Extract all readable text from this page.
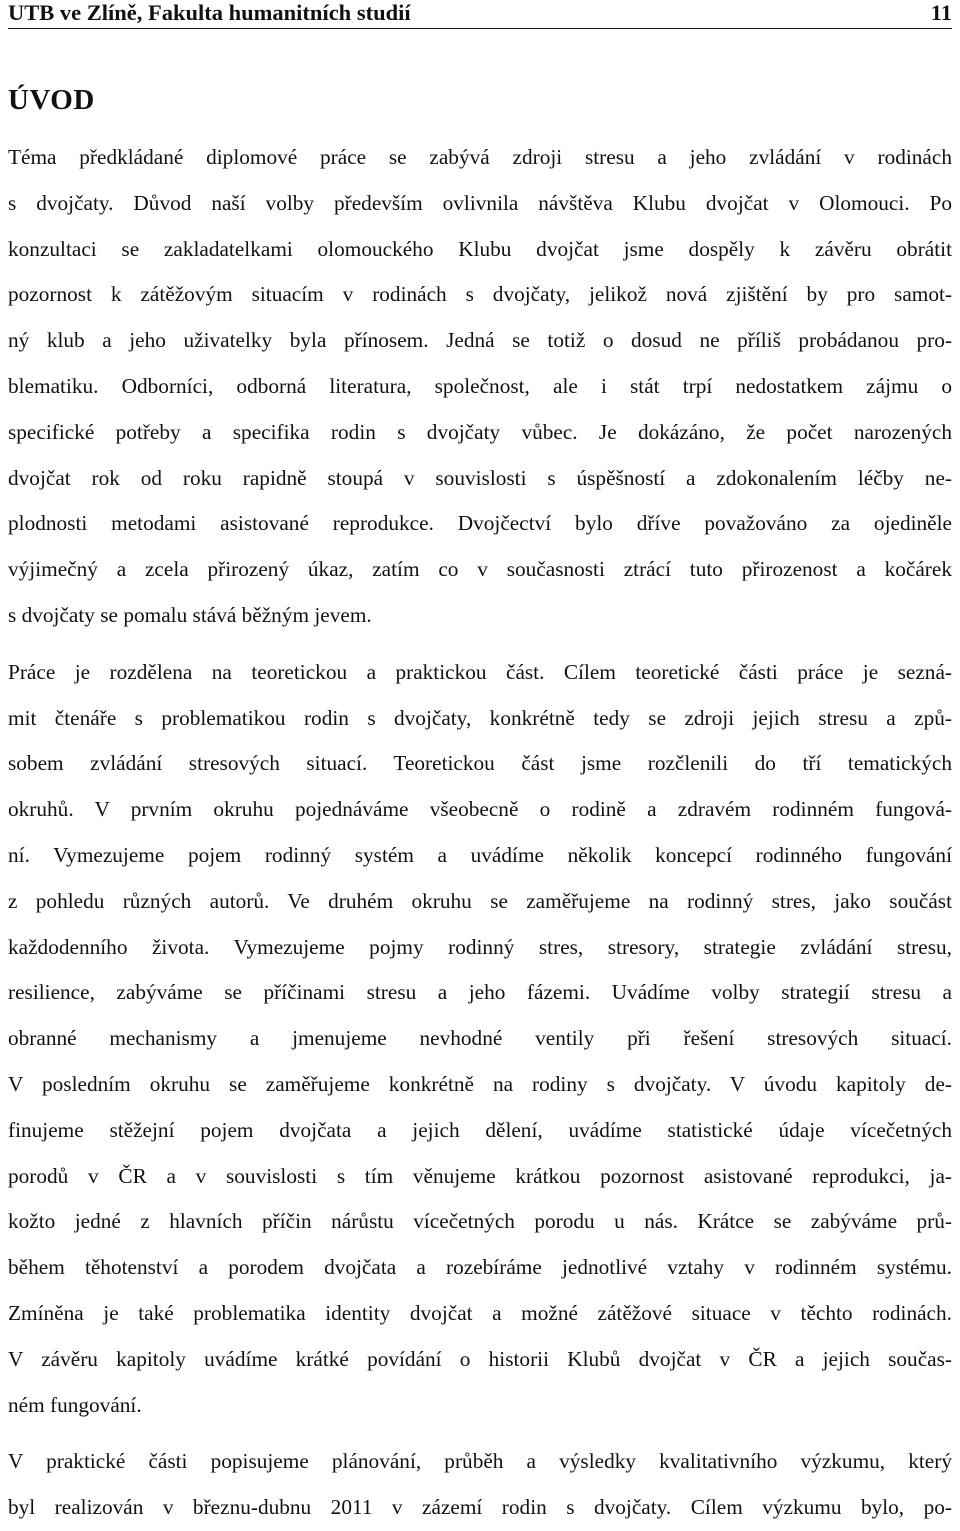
UTB ve Zlíně, Fakulta humanitních studií	11
ÚVOD

Téma předkládané diplomové práce se zabývá zdroji stresu a jeho zvládání v rodinách
s dvojčaty. Důvod naší volby především ovlivnila návštěva Klubu dvojčat v Olomouci. Po
konzultaci se zakladatelkami olomouckého Klubu dvojčat jsme dospěly k závěru obrátit
pozornost k zátěžovým situacím v rodinách s dvojčaty, jelikož nová zjištění by pro samot-
ný klub a jeho uživatelky byla přínosem. Jedná se totiž o dosud ne příliš probádanou pro-
blematiku. Odborníci, odborná literatura, společnost, ale i stát trpí nedostatkem zájmu o
specifické potřeby a specifika rodin s dvojčaty vůbec. Je dokázáno, že počet narozených
dvojčat rok od roku rapidně stoupá v souvislosti s úspěšností a zdokonalením léčby ne-
plodnosti metodami asistované reprodukce. Dvojčectví bylo dříve považováno za ojediněle
výjimečný a zcela přirozený úkaz, zatím co v současnosti ztrácí tuto přirozenost a kočárek
s dvojčaty se pomalu stává běžným jevem.

Práce je rozdělena na teoretickou a praktickou část. Cílem teoretické části práce je sezná-
mit čtenáře s problematikou rodin s dvojčaty, konkrétně tedy se zdroji jejich stresu a způ-
sobem zvládání stresových situací. Teoretickou část jsme rozčlenili do tří tematických
okruhů. V prvním okruhu pojednáváme všeobecně o rodině a zdravém rodinném fungová-
ní. Vymezujeme pojem rodinný systém a uvádíme několik koncepcí rodinného fungování
z pohledu různých autorů. Ve druhém okruhu se zaměřujeme na rodinný stres, jako součást
každodenního života. Vymezujeme pojmy rodinný stres, stresory, strategie zvládání stresu,
resilience, zabýváme se příčinami stresu a jeho fázemi. Uvádíme volby strategií stresu a
obranné mechanismy a jmenujeme nevhodné ventily při řešení stresových situací.
V posledním okruhu se zaměřujeme konkrétně na rodiny s dvojčaty. V úvodu kapitoly de-
finujeme stěžejní pojem dvojčata a jejich dělení, uvádíme statistické údaje vícečetných
porodů v ČR a v souvislosti s tím věnujeme krátkou pozornost asistované reprodukci, ja-
kožto jedné z hlavních příčin nárůstu vícečetných porodu u nás. Krátce se zabýváme prů-
během těhotenství a porodem dvojčata a rozebíráme jednotlivé vztahy v rodinném systému.
Zmíněna je také problematika identity dvojčat a možné zátěžové situace v těchto rodinách.
V závěru kapitoly uvádíme krátké povídání o historii Klubů dvojčat v ČR a jejich součas-
ném fungování.

V praktické části popisujeme plánování, průběh a výsledky kvalitativního výzkumu, který
byl realizován v březnu-dubnu 2011 v zázemí rodin s dvojčaty. Cílem výzkumu bylo, po-
